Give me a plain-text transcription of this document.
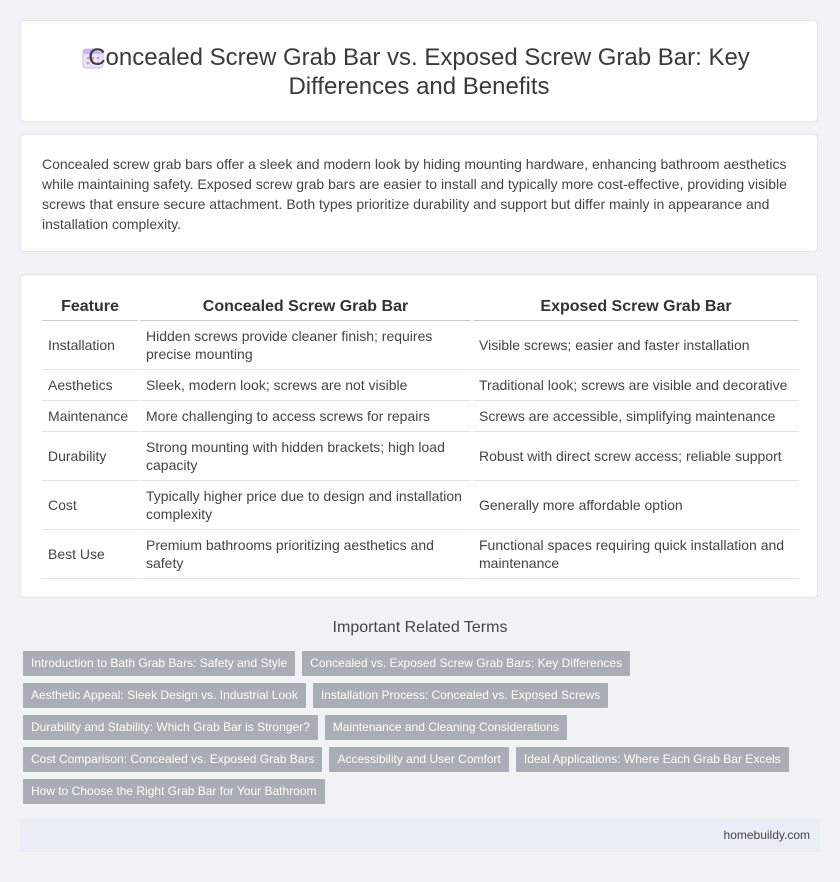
Concealed Screw Grab Bar vs. Exposed Screw Grab Bar: Key Differences and Benefits

Concealed screw grab bars offer a sleek and modern look by hiding mounting hardware, enhancing bathroom aesthetics while maintaining safety. Exposed screw grab bars are easier to install and typically more cost-effective, providing visible screws that ensure secure attachment. Both types prioritize durability and support but differ mainly in appearance and installation complexity.

Feature	Concealed Screw Grab Bar	Exposed Screw Grab Bar
Installation	Hidden screws provide cleaner finish; requires precise mounting	Visible screws; easier and faster installation
Aesthetics	Sleek, modern look; screws are not visible	Traditional look; screws are visible and decorative
Maintenance	More challenging to access screws for repairs	Screws are accessible, simplifying maintenance
Durability	Strong mounting with hidden brackets; high load capacity	Robust with direct screw access; reliable support
Cost	Typically higher price due to design and installation complexity	Generally more affordable option
Best Use	Premium bathrooms prioritizing aesthetics and safety	Functional spaces requiring quick installation and maintenance
Important Related Terms
Introduction to Bath Grab Bars: Safety and Style	Concealed vs. Exposed Screw Grab Bars: Key Differences
Aesthetic Appeal: Sleek Design vs. Industrial Look	Installation Process: Concealed vs. Exposed Screws
Durability and Stability: Which Grab Bar is Stronger?	Maintenance and Cleaning Considerations
Cost Comparison: Concealed vs. Exposed Grab Bars	Accessibility and User Comfort	Ideal Applications: Where Each Grab Bar Excels
How to Choose the Right Grab Bar for Your Bathroom
homebuildy.com
